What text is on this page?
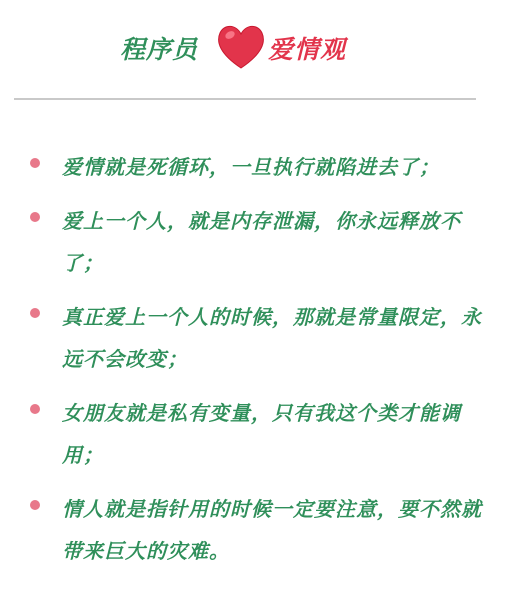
程序员	爱情观
爱情就是死循环，一旦执行就陷进去了；
爱上一个人，就是内存泄漏，你永远释放不了；
真正爱上一个人的时候，那就是常量限定，永远不会改变；
女朋友就是私有变量，只有我这个类才能调用；
情人就是指针用的时候一定要注意，要不然就带来巨大的灾难。
